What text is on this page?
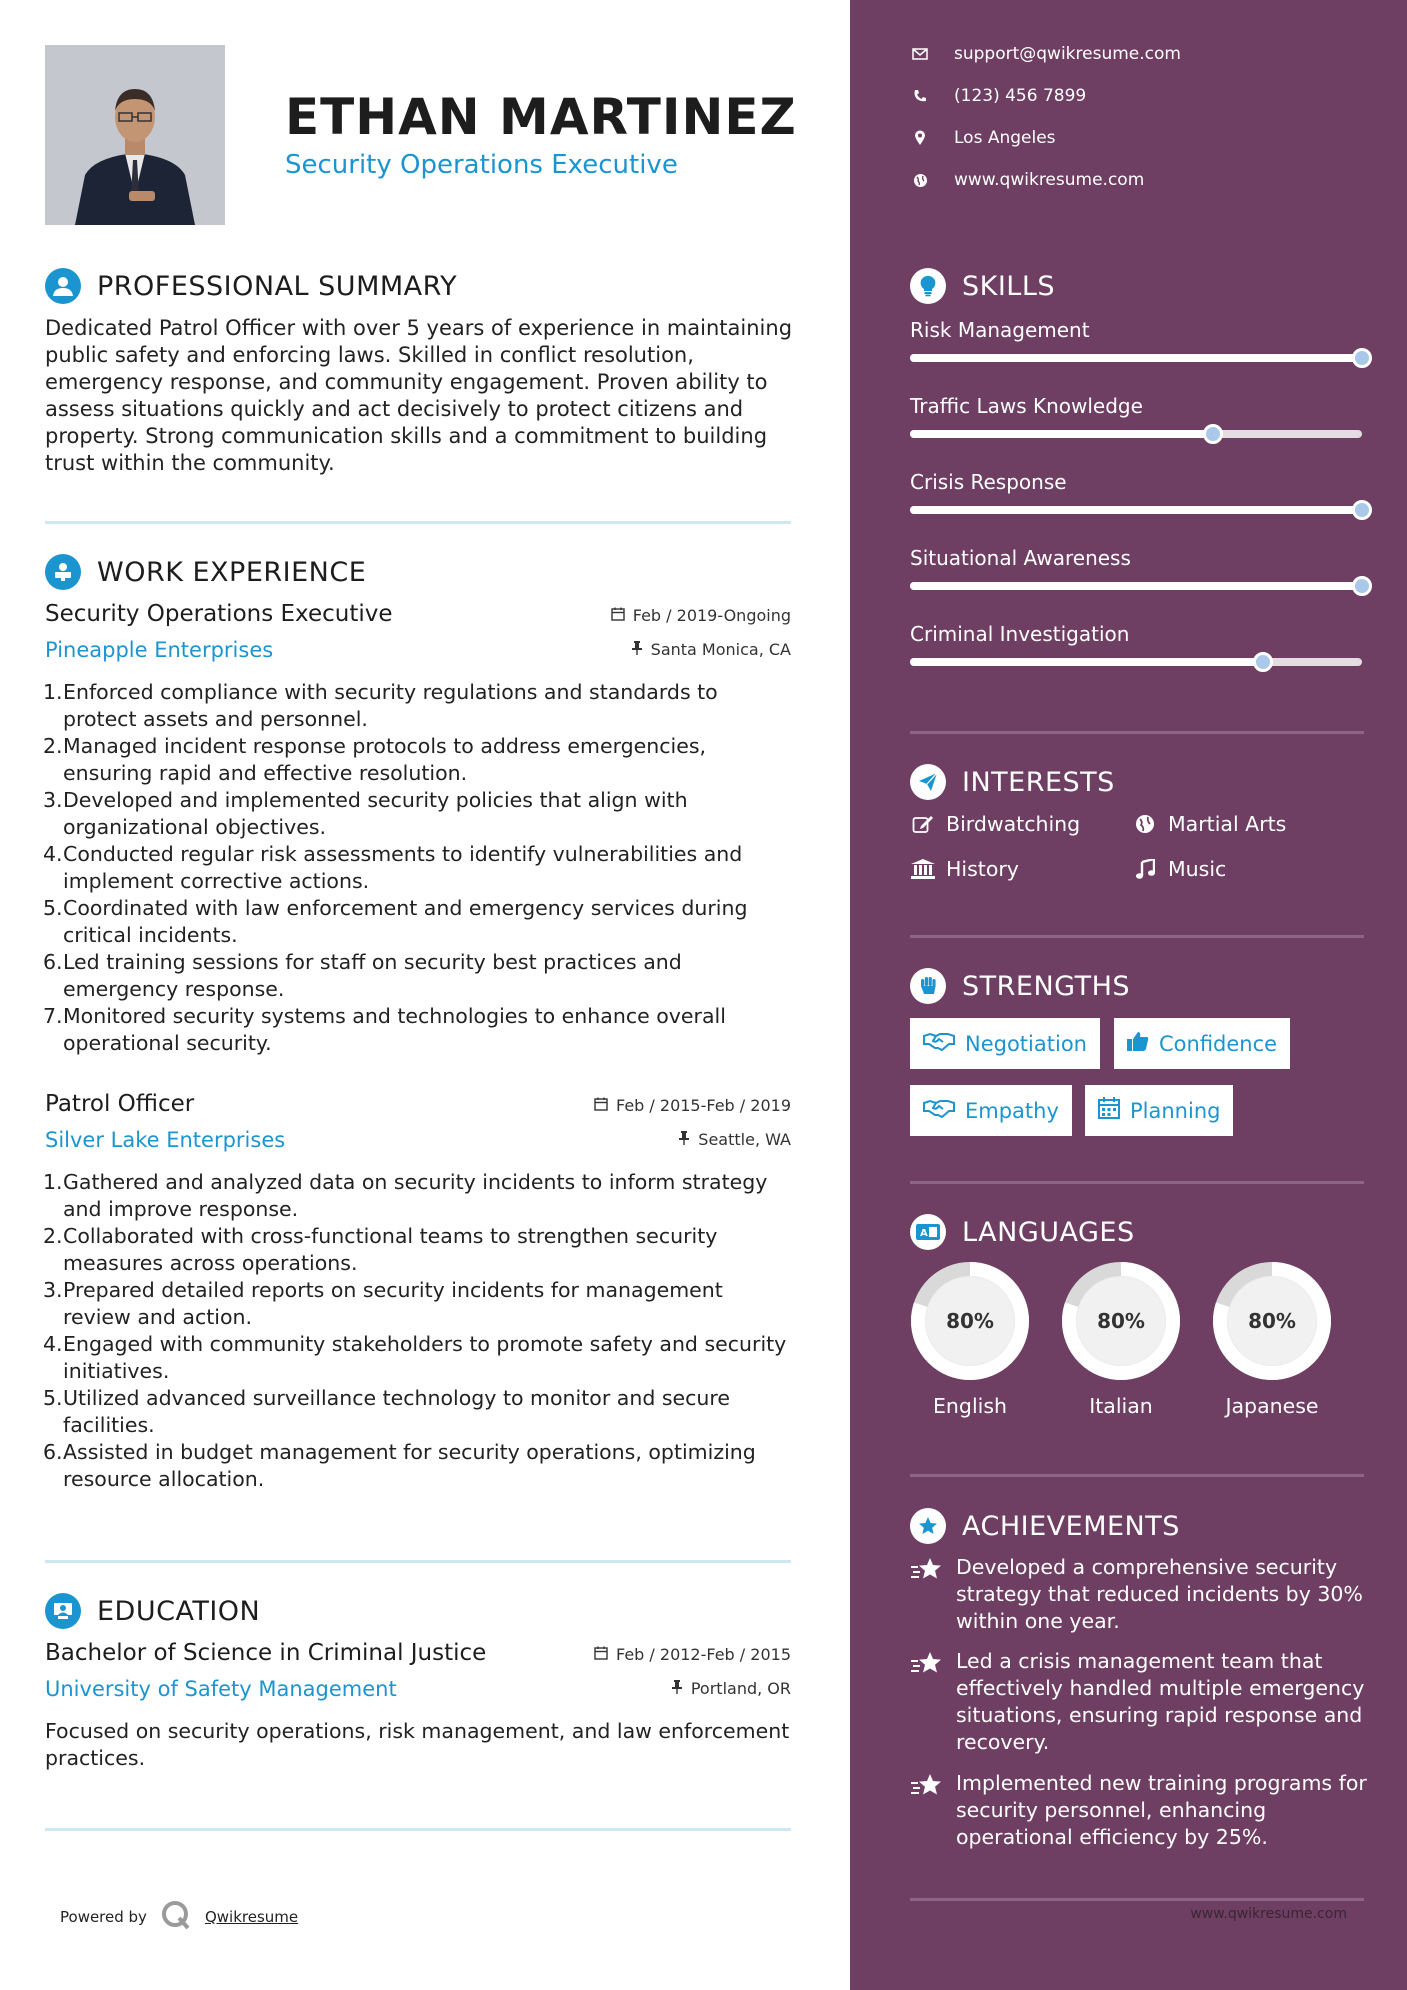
ETHAN MARTINEZ
Security Operations Executive
PROFESSIONAL SUMMARY
Dedicated Patrol Officer with over 5 years of experience in maintaining public safety and enforcing laws. Skilled in conflict resolution, emergency response, and community engagement. Proven ability to assess situations quickly and act decisively to protect citizens and property. Strong communication skills and a commitment to building trust within the community.
WORK EXPERIENCE
Security Operations Executive
Pineapple Enterprises
Feb / 2019-Ongoing
Santa Monica, CA
1. Enforced compliance with security regulations and standards to protect assets and personnel.
2. Managed incident response protocols to address emergencies, ensuring rapid and effective resolution.
3. Developed and implemented security policies that align with organizational objectives.
4. Conducted regular risk assessments to identify vulnerabilities and implement corrective actions.
5. Coordinated with law enforcement and emergency services during critical incidents.
6. Led training sessions for staff on security best practices and emergency response.
7. Monitored security systems and technologies to enhance overall operational security.
Patrol Officer
Silver Lake Enterprises
Feb / 2015-Feb / 2019
Seattle, WA
1. Gathered and analyzed data on security incidents to inform strategy and improve response.
2. Collaborated with cross-functional teams to strengthen security measures across operations.
3. Prepared detailed reports on security incidents for management review and action.
4. Engaged with community stakeholders to promote safety and security initiatives.
5. Utilized advanced surveillance technology to monitor and secure facilities.
6. Assisted in budget management for security operations, optimizing resource allocation.
EDUCATION
Bachelor of Science in Criminal Justice
University of Safety Management
Feb / 2012-Feb / 2015
Portland, OR
Focused on security operations, risk management, and law enforcement practices.
Powered by	Qwikresume
support@qwikresume.com
(123) 456 7899
Los Angeles
www.qwikresume.com
SKILLS
Risk Management
Traffic Laws Knowledge
Crisis Response
Situational Awareness
Criminal Investigation
INTERESTS
Birdwatching	Martial Arts
History	Music
STRENGTHS
Negotiation	Confidence
Empathy	Planning
A LANGUAGES
80%
English
80%
Italian
80%
Japanese
ACHIEVEMENTS
Developed a comprehensive security strategy that reduced incidents by 30% within one year.
Led a crisis management team that effectively handled multiple emergency situations, ensuring rapid response and recovery.
Implemented new training programs for security personnel, enhancing operational efficiency by 25%.
www.qwikresume.com
